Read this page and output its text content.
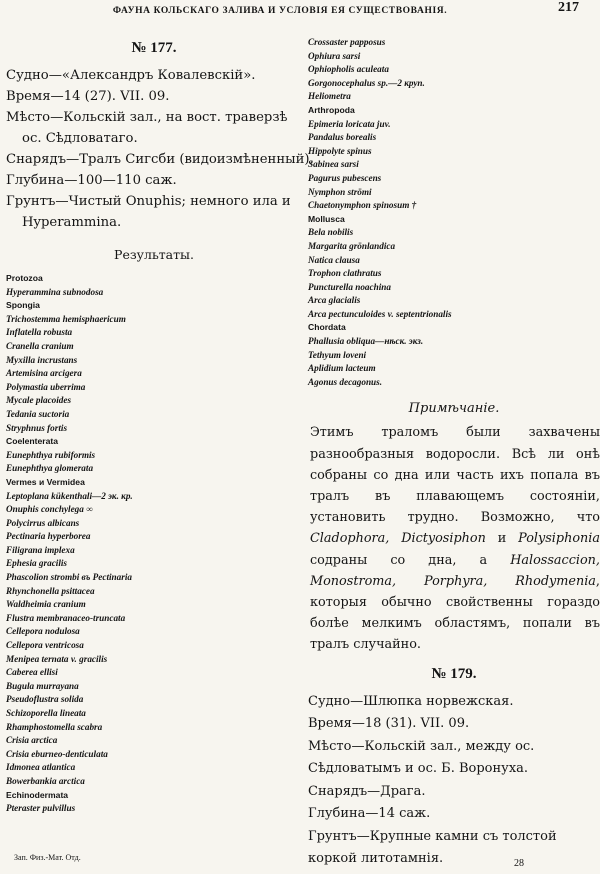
ФАУНА КОЛЬСКАГО ЗАЛИВА И УСЛОВІЯ ЕЯ СУЩЕСТВОВАНІЯ.	217
№ 177.
Судно—«Александръ Ковалевскій».
Время—14 (27). VII. 09.
Мѣсто—Кольскій зал., на вост. траверзѣ
ос. Сѣдловатаго.
Снарядъ—Тралъ Сигсби (видоизмѣненный).
Глубина—100—110 саж.
Грунтъ—Чистый Onuphis; немного ила и
Hyperammina.
Результаты.
Protozoa
Hyperammina subnodosa
Spongia
Trichostemma hemisphaericum
Inflatella robusta
Cranella cranium
Myxilla incrustans
Artemisina arcigera
Polymastia uberrima
Mycale placoides
Tedania suctoria
Stryphnus fortis
Coelenterata
Eunephthya rubiformis
Eunephthya glomerata
Vermes и Vermidea
Leptoplana kükenthali—2 эк. кр.
Onuphis conchylega ∞
Polycirrus albicans
Pectinaria hyperborea
Filigrana implexa
Ephesia gracilis
Phascolion strombi въ Pectinaria
Rhynchonella psittacea
Waldheimia cranium
Flustra membranaceo-truncata
Cellepora nodulosa
Cellepora ventricosa
Menipea ternata v. gracilis
Caberea ellisi
Bugula murrayana
Pseudoflustra solida
Schizoporella lineata
Rhamphostomella scabra
Crisia arctica
Crisia eburneo-denticulata
Idmonea atlantica
Bowerbankia arctica
Echinodermata
Pteraster pulvillus
Crossaster papposus
Ophiura sarsi
Ophiopholis aculeata
Gorgonocephalus sp.—2 круп.
Heliometra
Arthropoda
Epimeria loricata juv.
Pandalus borealis
Hippolyte spinus
Sabinea sarsi
Pagurus pubescens
Nymphon strömi
Chaetonymphon spinosum †
Mollusca
Bela nobilis
Margarita grönlandica
Natica clausa
Trophon clathratus
Puncturella noachina
Arca glacialis
Arca pectunculoides v. septentrionalis
Chordata
Phallusia obliqua—нѣск. экз.
Tethyum loveni
Aplidium lacteum
Agonus decagonus.
Примѣчаніе.
Этимъ траломъ были захвачены разнообразныя водоросли. Всѣ ли онѣ собраны со дна или часть ихъ попала въ тралъ въ плавающемъ состояніи, установить трудно. Возможно, что Cladophora, Dictyosiphon и Polysiphonia содраны со дна, а Halossaccion, Monostroma, Porphyra, Rhodymenia, которыя обычно свойственны гораздо болѣе мелкимъ областямъ, попали въ тралъ случайно.
№ 179.
Судно—Шлюпка норвежская.
Время—18 (31). VII. 09.
Мѣсто—Кольскій зал., между ос. Сѣдловатымъ и ос. Б. Воронуха.
Снарядъ—Драга.
Глубина—14 саж.
Грунтъ—Крупные камни съ толстой коркой литотамнія.
Зап. Физ.-Мат. Отд.
28
